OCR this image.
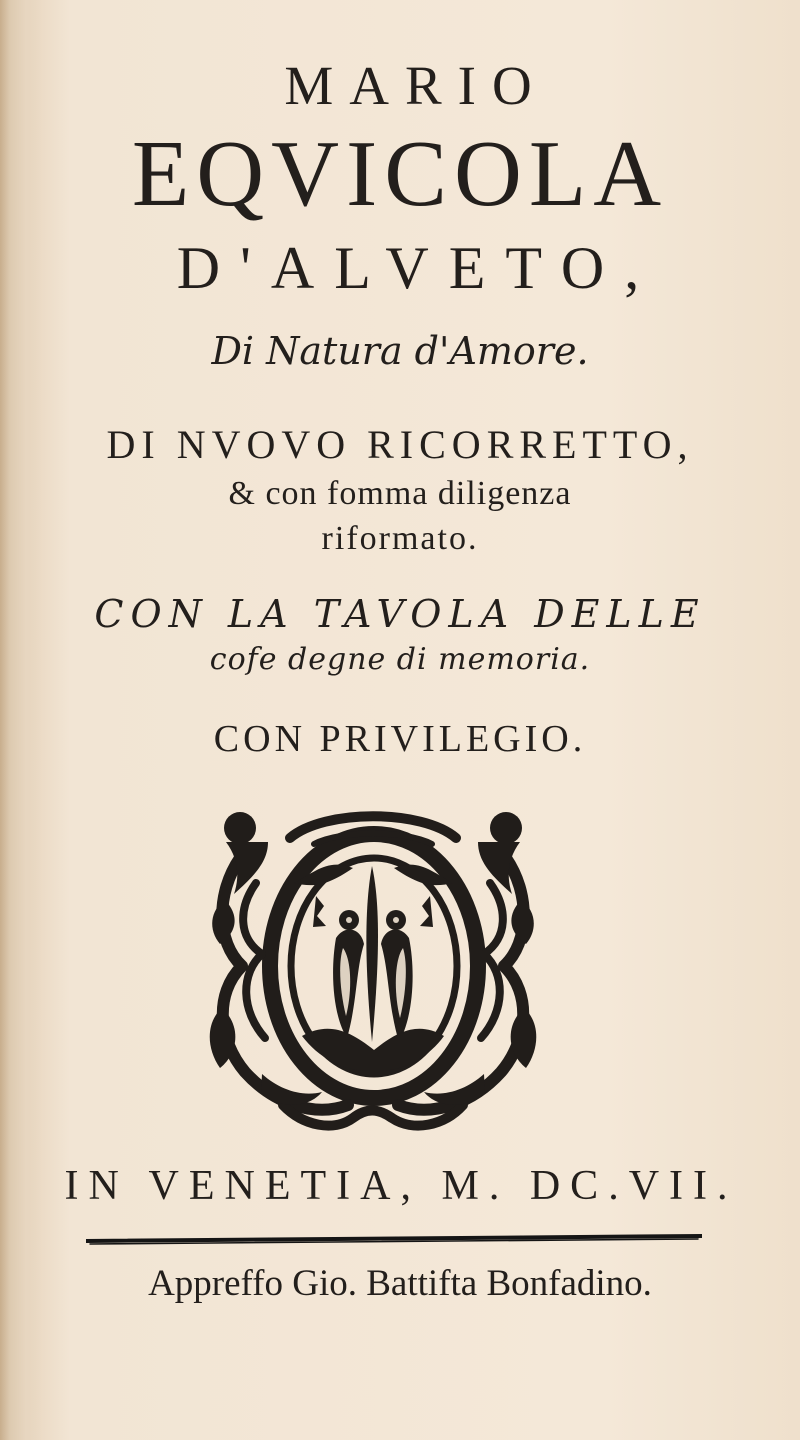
MARIO
EQVICOLA
D'ALVETO,

Di Natura d'Amore.

DI NVOVO RICORRETTO,

& con fomma diligenza

riformato.

CON LA TAVOLA DELLE

cofe degne di memoria.

CON PRIVILEGIO.

IN VENETIA, M. DC.VII.

Appreffo Gio. Battifta Bonfadino.
